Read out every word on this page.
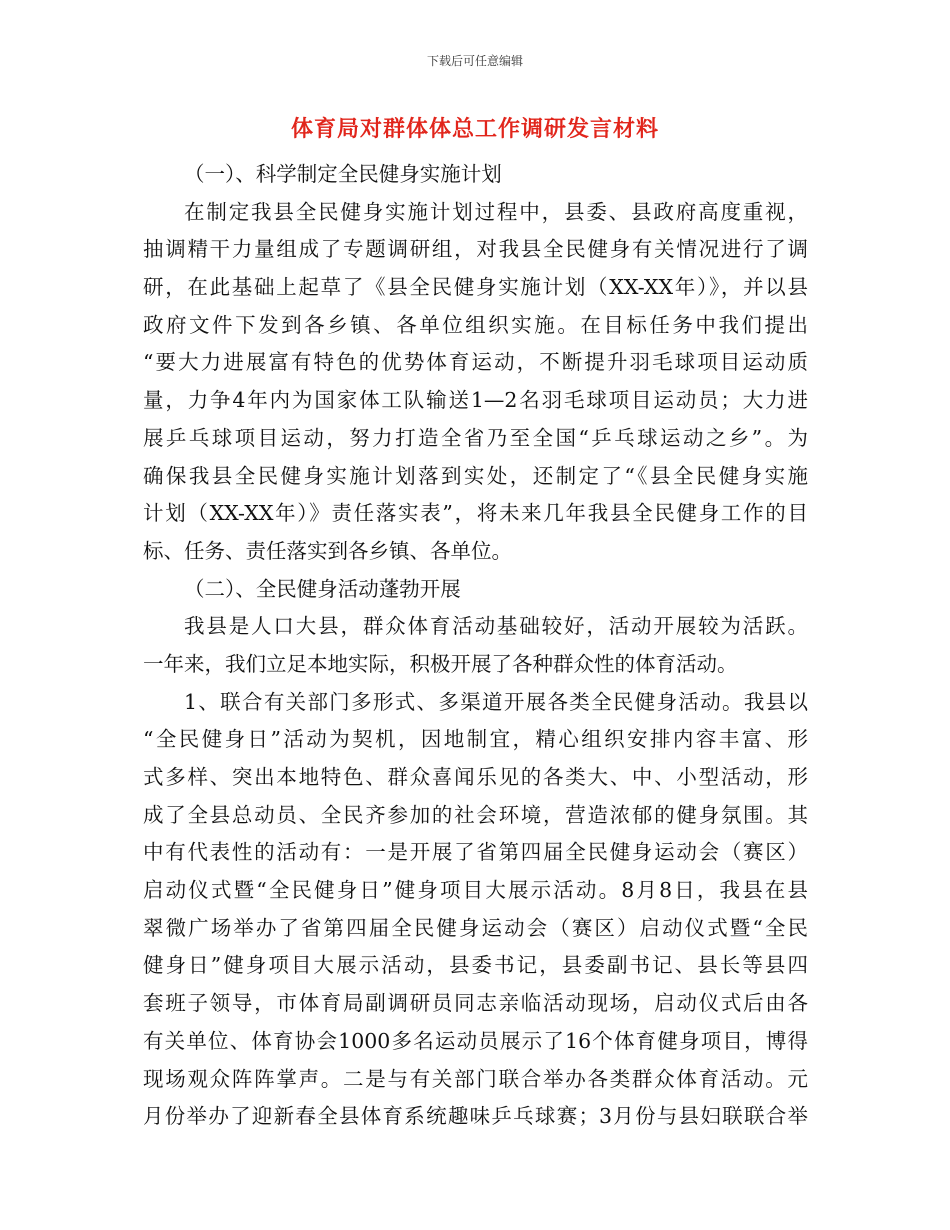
下载后可任意编辑
体育局对群体体总工作调研发言材料
（一）、科学制定全民健身实施计划
在制定我县全民健身实施计划过程中，县委、县政府高度重视，
抽调精干力量组成了专题调研组，对我县全民健身有关情况进行了调
研，在此基础上起草了《县全民健身实施计划（XX-XX年）》，并以县
政府文件下发到各乡镇、各单位组织实施。在目标任务中我们提出
“要大力进展富有特色的优势体育运动，不断提升羽毛球项目运动质
量，力争4年内为国家体工队输送1—2名羽毛球项目运动员；大力进
展乒乓球项目运动，努力打造全省乃至全国“乒乓球运动之乡”。为
确保我县全民健身实施计划落到实处，还制定了“《县全民健身实施
计划（XX-XX年）》责任落实表”，将未来几年我县全民健身工作的目
标、任务、责任落实到各乡镇、各单位。
（二）、全民健身活动蓬勃开展
我县是人口大县，群众体育活动基础较好，活动开展较为活跃。
一年来，我们立足本地实际，积极开展了各种群众性的体育活动。
1、联合有关部门多形式、多渠道开展各类全民健身活动。我县以
“全民健身日”活动为契机，因地制宜，精心组织安排内容丰富、形
式多样、突出本地特色、群众喜闻乐见的各类大、中、小型活动，形
成了全县总动员、全民齐参加的社会环境，营造浓郁的健身氛围。其
中有代表性的活动有：一是开展了省第四届全民健身运动会（赛区）
启动仪式暨“全民健身日”健身项目大展示活动。8月8日，我县在县
翠微广场举办了省第四届全民健身运动会（赛区）启动仪式暨“全民
健身日”健身项目大展示活动，县委书记，县委副书记、县长等县四
套班子领导，市体育局副调研员同志亲临活动现场，启动仪式后由各
有关单位、体育协会1000多名运动员展示了16个体育健身项目，博得
现场观众阵阵掌声。二是与有关部门联合举办各类群众体育活动。元
月份举办了迎新春全县体育系统趣味乒乓球赛；3月份与县妇联联合举
